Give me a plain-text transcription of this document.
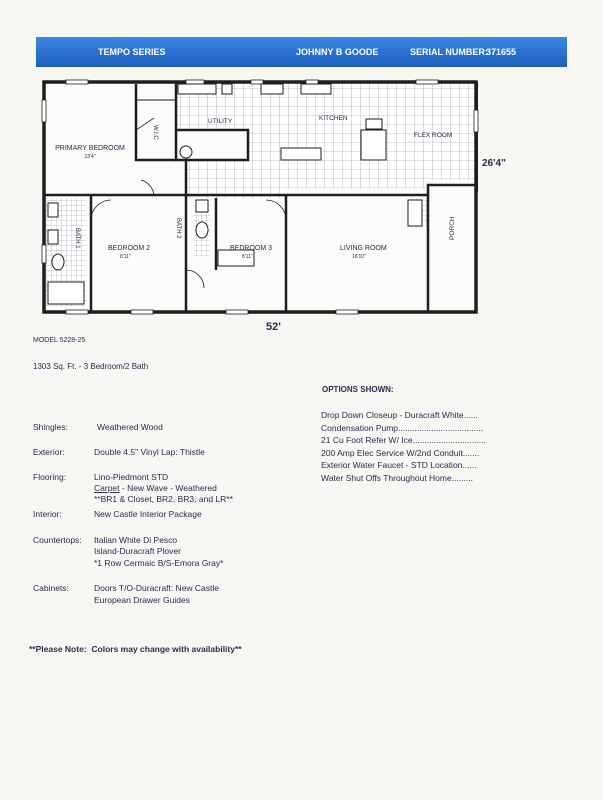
TEMPO SERIES	JOHNNY B GOODE	SERIAL NUMBER:
371655
PRIMARY BEDROOM
13'4"
W.I.C
UTILITY	KITCHEN
FLEX ROOM
BATH 1	BEDROOM 2
8'11"
BATH 2
BEDROOM 3
8'11"
LIVING ROOM
16'10"
PORCH
26'4"
52'
MODEL 5228-25
1303 Sq. Ft. - 3 Bedroom/2 Bath
OPTIONS SHOWN:
Drop Down Closeup - Duracraft White......
Condensation Pump....................................
21 Cu Foot Refer W/ Ice...............................
200 Amp Elec Service W/2nd Conduit.......
Exterior Water Faucet - STD Location......
Water Shut Offs Throughout Home.........
Shingles:	Weathered Wood
Exterior:	Double 4.5" Vinyl Lap: Thistle
Flooring:	Lino-Piedmont STD
Carpet - New Wave - Weathered
**BR1 & Closet, BR2, BR3, and LR**
Interior:	New Castle Interior Package
Countertops: Italian White Di Pesco
Island-Duracraft Plover
*1 Row Cermaic B/S-Emora Gray*
Cabinets:	Doors T/O-Duracraft: New Castle
European Drawer Guides
**Please Note: Colors may change with availability**
